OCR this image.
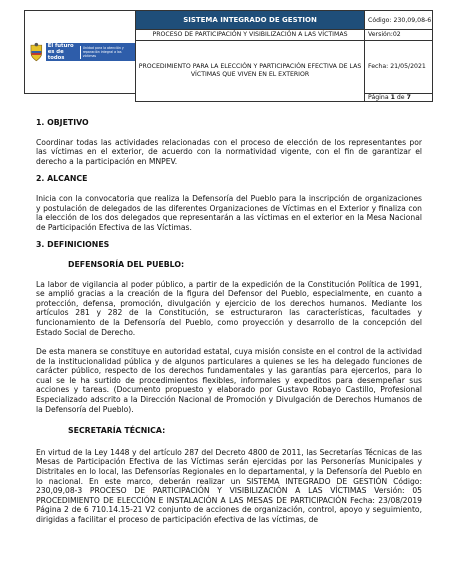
El futuro es de todos
Unidad para la atención y reparación integral a las víctimas	SISTEMA INTEGRADO DE GESTION	Código: 230,09,08-6
	PROCESO DE PARTICIPACIÓN Y VISIBILIZACIÓN A LAS VÍCTIMAS	Versión:02
	PROCEDIMIENTO PARA LA ELECCIÓN Y PARTICIPACIÓN EFECTIVA DE LAS VÍCTIMAS QUE VIVEN EN EL EXTERIOR	Fecha: 21/05/2021
		Página 1 de 7
1. OBJETIVO

Coordinar todas las actividades relacionadas con el proceso de elección de los representantes por las víctimas en el exterior, de acuerdo con la normatividad vigente, con el fin de garantizar el derecho a la participación en MNPEV.

2. ALCANCE

Inicia con la convocatoria que realiza la Defensoría del Pueblo para la inscripción de organizaciones y postulación de delegados de las diferentes Organizaciones de Víctimas en el Exterior y finaliza con la elección de los dos delegados que representarán a las víctimas en el exterior en la Mesa Nacional de Participación Efectiva de las Víctimas.

3. DEFINICIONES
DEFENSORÍA DEL PUEBLO:

La labor de vigilancia al poder público, a partir de la expedición de la Constitución Política de 1991, se amplió gracias a la creación de la figura del Defensor del Pueblo, especialmente, en cuanto a protección, defensa, promoción, divulgación y ejercicio de los derechos humanos. Mediante los artículos 281 y 282 de la Constitución, se estructuraron las características, facultades y funcionamiento de la Defensoría del Pueblo, como proyección y desarrollo de la concepción del Estado Social de Derecho.

De esta manera se constituye en autoridad estatal, cuya misión consiste en el control de la actividad de la institucionalidad pública y de algunos particulares a quienes se les ha delegado funciones de carácter público, respecto de los derechos fundamentales y las garantías para ejercerlos, para lo cual se le ha surtido de procedimientos flexibles, informales y expeditos para desempeñar sus acciones y tareas. (Documento propuesto y elaborado por Gustavo Robayo Castillo, Profesional Especializado adscrito a la Dirección Nacional de Promoción y Divulgación de Derechos Humanos de la Defensoría del Pueblo).

SECRETARÍA TÉCNICA:

En virtud de la Ley 1448 y del artículo 287 del Decreto 4800 de 2011, las Secretarías Técnicas de las Mesas de Participación Efectiva de las Víctimas serán ejercidas por las Personerías Municipales y Distritales en lo local, las Defensorías Regionales en lo departamental, y la Defensoría del Pueblo en lo nacional. En este marco, deberán realizar un SISTEMA INTEGRADO DE GESTIÓN Código: 230,09,08-3 PROCESO DE PARTICIPACIÓN Y VISIBILIZACIÓN A LAS VÍCTIMAS Versión: 05 PROCEDIMIENTO DE ELECCIÓN E INSTALACIÓN A LAS MESAS DE PARTICIPACIÓN Fecha: 23/08/2019 Página 2 de 6 710.14.15-21 V2 conjunto de acciones de organización, control, apoyo y seguimiento, dirigidas a facilitar el proceso de participación efectiva de las víctimas, de
